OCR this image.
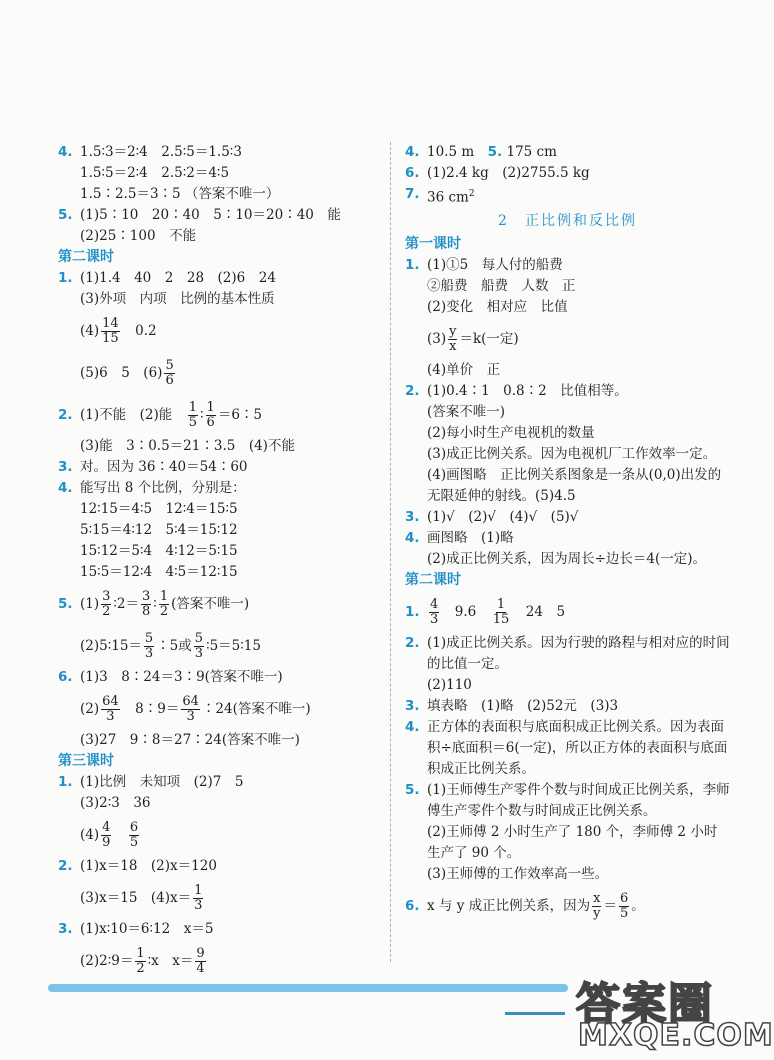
4. 1.5∶3＝2∶4　2.5∶5＝1.5∶3
1.5∶5＝2∶4　2.5∶2＝4∶5
1.5∶2.5＝3∶5 （答案不唯一）
5. (1)5∶10　20∶40　5∶10＝20∶40　能
(2)25∶100　不能
第二课时
1. (1)1.4　40　2　28　(2)6　24
(3)外项　内项　比例的基本性质
$(4) \frac{14}{15}$ 　0.2
(5)6　5　$(6) \frac{5}{6}$
2. (1)不能　(2)能　 $\frac{1}{5}$ ∶ $\frac{1}{6}$ ＝6∶5
(3)能　3∶0.5＝21∶3.5　(4)不能
3. 对。因为 36∶40＝54∶60
4. 能写出 8 个比例，分别是：
12∶15＝4∶5　12∶4＝15∶5
5∶15＝4∶12　5∶4＝15∶12
15∶12＝5∶4　4∶12＝5∶15
15∶5＝12∶4　4∶5＝12∶15
5. $(1) \frac{3}{2}$ ∶2＝ $\frac{3}{8}$ ∶ $\frac{1}{2}$ (答案不唯一)
(2)5∶15＝ $\frac{5}{3}$ ∶5或 $\frac{5}{3}$ ∶5＝5∶15
6. (1)3　8∶24＝3∶9(答案不唯一)
$(2) \frac{64}{3}$ 　8∶9＝ $\frac{64}{3}$ ∶24(答案不唯一)
(3)27　9∶8＝27∶24(答案不唯一)
第三课时
1. (1)比例　未知项　(2)7　5
(3)2∶3　36
$(4) \frac{4}{9}$
　 $\frac{6}{5}$
2. (1)x＝18　(2)x＝120
(3)x＝15　$(4)x= \frac{1}{3}$
3. (1)x∶10＝6∶12　x＝5
(2)2∶9＝ $\frac{1}{2}$ ∶x　$x= \frac{9}{4}$
4. 10.5 m　 5. 175 cm
6. (1)2.4 kg　(2)2755.5 kg
7. 36 $cm^2$
2　正比例和反比例
第一课时
1. (1)①5　每人付的船费
②船费　船费　人数　正
(2)变化　相对应　比值
$(3) \frac{y}{x} =k$(一定)
(4)单价　正
2. (1)0.4∶1　0.8∶2　比值相等。
(答案不唯一)
(2)每小时生产电视机的数量
(3)成正比例关系。因为电视机厂工作效率一定。
(4)画图略　正比例关系图象是一条从(0,0)出发的无限延伸的射线。(5)4.5
3. (1)√　(2)√　(4)√　(5)√
4. 画图略　(1)略
(2)成正比例关系，因为周长÷边长＝4(一定)。
第二课时
1. $\frac{4}{3}$ 　9.6　 $\frac{1}{15}$ 　24　5
2. (1)成正比例关系。因为行驶的路程与相对应的时间的比值一定。
(2)110
3. 填表略　(1)略　(2)52元　(3)3
4. 正方体的表面积与底面积成正比例关系。因为表面积÷底面积＝6(一定)，所以正方体的表面积与底面积成正比例关系。
5. (1)王师傅生产零件个数与时间成正比例关系，李师傅生产零件个数与时间成正比例关系。
(2)王师傅 2 小时生产了 180 个，李师傅 2 小时生产了 90 个。
(3)王师傅的工作效率高一些。
6. x 与 y 成正比例关系，因为 $\frac{x}{y} = \frac{6}{5}$ 。
答案圈
MXQE.COM
